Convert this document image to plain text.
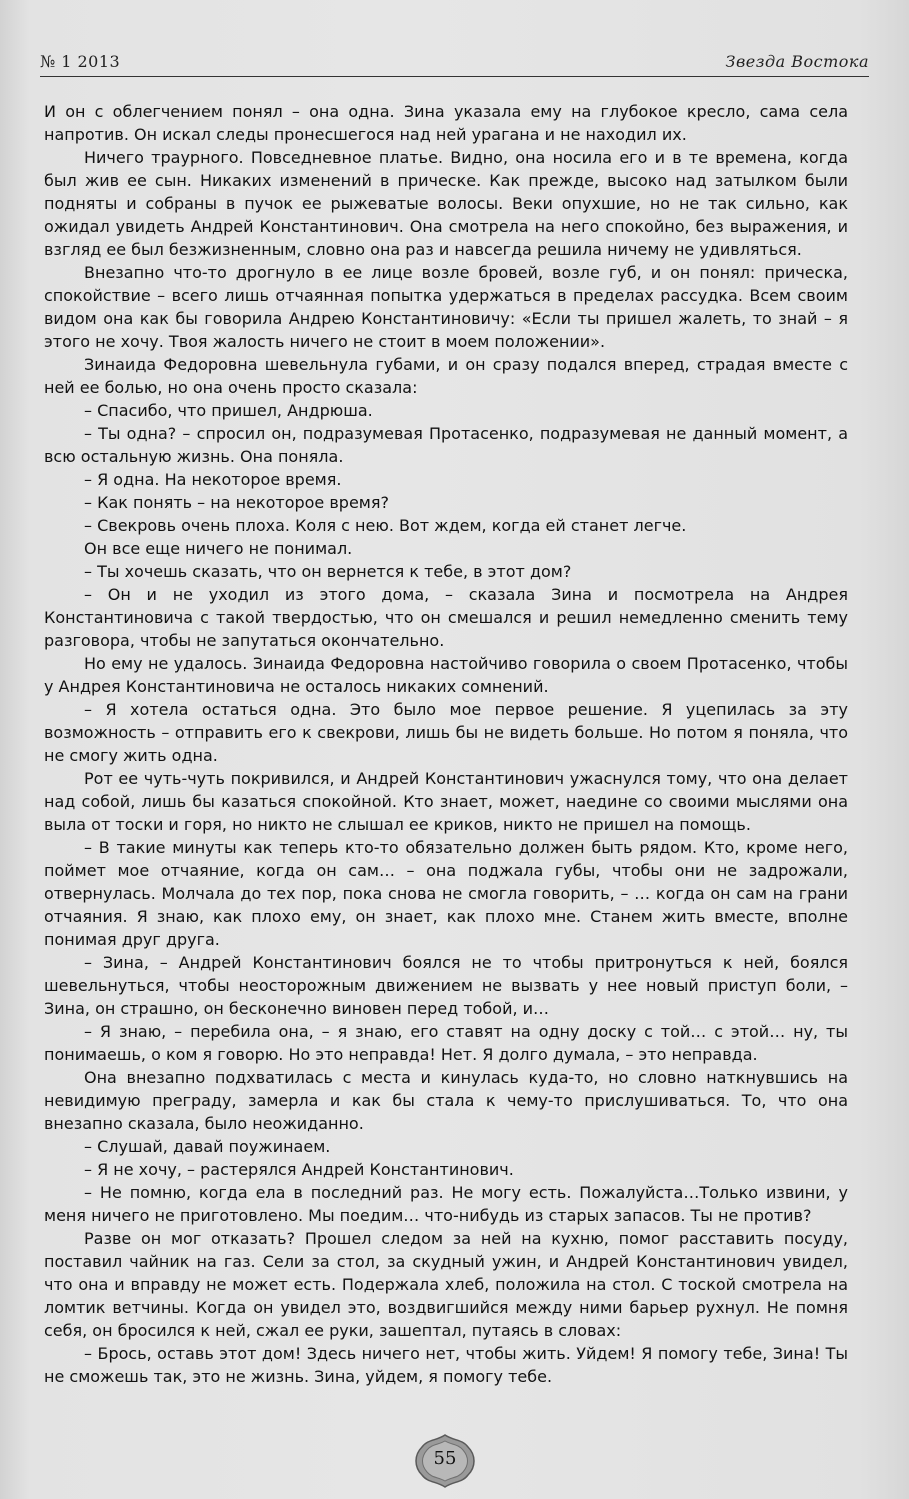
№ 1 2013	Звезда Востока

И он с облегчением понял – она одна. Зина указала ему на глубокое кресло, сама села напротив. Он искал следы пронесшегося над ней урагана и не находил их.

Ничего траурного. Повседневное платье. Видно, она носила его и в те времена, когда был жив ее сын. Никаких изменений в прическе. Как прежде, высоко над затылком были подняты и собраны в пучок ее рыжеватые волосы. Веки опухшие, но не так сильно, как ожидал увидеть Андрей Константинович. Она смотрела на него спокойно, без выражения, и взгляд ее был безжизненным, словно она раз и навсегда решила ничему не удивляться.

Внезапно что-то дрогнуло в ее лице возле бровей, возле губ, и он понял: прическа, спокойствие – всего лишь отчаянная попытка удержаться в пределах рассудка. Всем своим видом она как бы говорила Андрею Константиновичу: «Если ты пришел жалеть, то знай – я этого не хочу. Твоя жалость ничего не стоит в моем положении».

Зинаида Федоровна шевельнула губами, и он сразу подался вперед, страдая вместе с ней ее болью, но она очень просто сказала:

– Спасибо, что пришел, Андрюша.

– Ты одна? – спросил он, подразумевая Протасенко, подразумевая не данный момент, а всю остальную жизнь. Она поняла.

– Я одна. На некоторое время.

– Как понять – на некоторое время?

– Свекровь очень плоха. Коля с нею. Вот ждем, когда ей станет легче.

Он все еще ничего не понимал.

– Ты хочешь сказать, что он вернется к тебе, в этот дом?

– Он и не уходил из этого дома, – сказала Зина и посмотрела на Андрея Константиновича с такой твердостью, что он смешался и решил немедленно сменить тему разговора, чтобы не запутаться окончательно.

Но ему не удалось. Зинаида Федоровна настойчиво говорила о своем Протасенко, чтобы у Андрея Константиновича не осталось никаких сомнений.

– Я хотела остаться одна. Это было мое первое решение. Я уцепилась за эту возможность – отправить его к свекрови, лишь бы не видеть больше. Но потом я поняла, что не смогу жить одна.

Рот ее чуть-чуть покривился, и Андрей Константинович ужаснулся тому, что она делает над собой, лишь бы казаться спокойной. Кто знает, может, наедине со своими мыслями она выла от тоски и горя, но никто не слышал ее криков, никто не пришел на помощь.

– В такие минуты как теперь кто-то обязательно должен быть рядом. Кто, кроме него, поймет мое отчаяние, когда он сам… – она поджала губы, чтобы они не задрожали, отвернулась. Молчала до тех пор, пока снова не смогла говорить, – … когда он сам на грани отчаяния. Я знаю, как плохо ему, он знает, как плохо мне. Станем жить вместе, вполне понимая друг друга.

– Зина, – Андрей Константинович боялся не то чтобы притронуться к ней, боялся шевельнуться, чтобы неосторожным движением не вызвать у нее новый приступ боли, – Зина, он страшно, он бесконечно виновен перед тобой, и…

– Я знаю, – перебила она, – я знаю, его ставят на одну доску с той… с этой… ну, ты понимаешь, о ком я говорю. Но это неправда! Нет. Я долго думала, – это неправда.

Она внезапно подхватилась с места и кинулась куда-то, но словно наткнувшись на невидимую преграду, замерла и как бы стала к чему-то прислушиваться. То, что она внезапно сказала, было неожиданно.

– Слушай, давай поужинаем.

– Я не хочу, – растерялся Андрей Константинович.

– Не помню, когда ела в последний раз. Не могу есть. Пожалуйста…Только извини, у меня ничего не приготовлено. Мы поедим… что-нибудь из старых запасов. Ты не против?

Разве он мог отказать? Прошел следом за ней на кухню, помог расставить посуду, поставил чайник на газ. Сели за стол, за скудный ужин, и Андрей Константинович увидел, что она и вправду не может есть. Подержала хлеб, положила на стол. С тоской смотрела на ломтик ветчины. Когда он увидел это, воздвигшийся между ними барьер рухнул. Не помня себя, он бросился к ней, сжал ее руки, зашептал, путаясь в словах:

– Брось, оставь этот дом! Здесь ничего нет, чтобы жить. Уйдем! Я помогу тебе, Зина! Ты не сможешь так, это не жизнь. Зина, уйдем, я помогу тебе.

55
